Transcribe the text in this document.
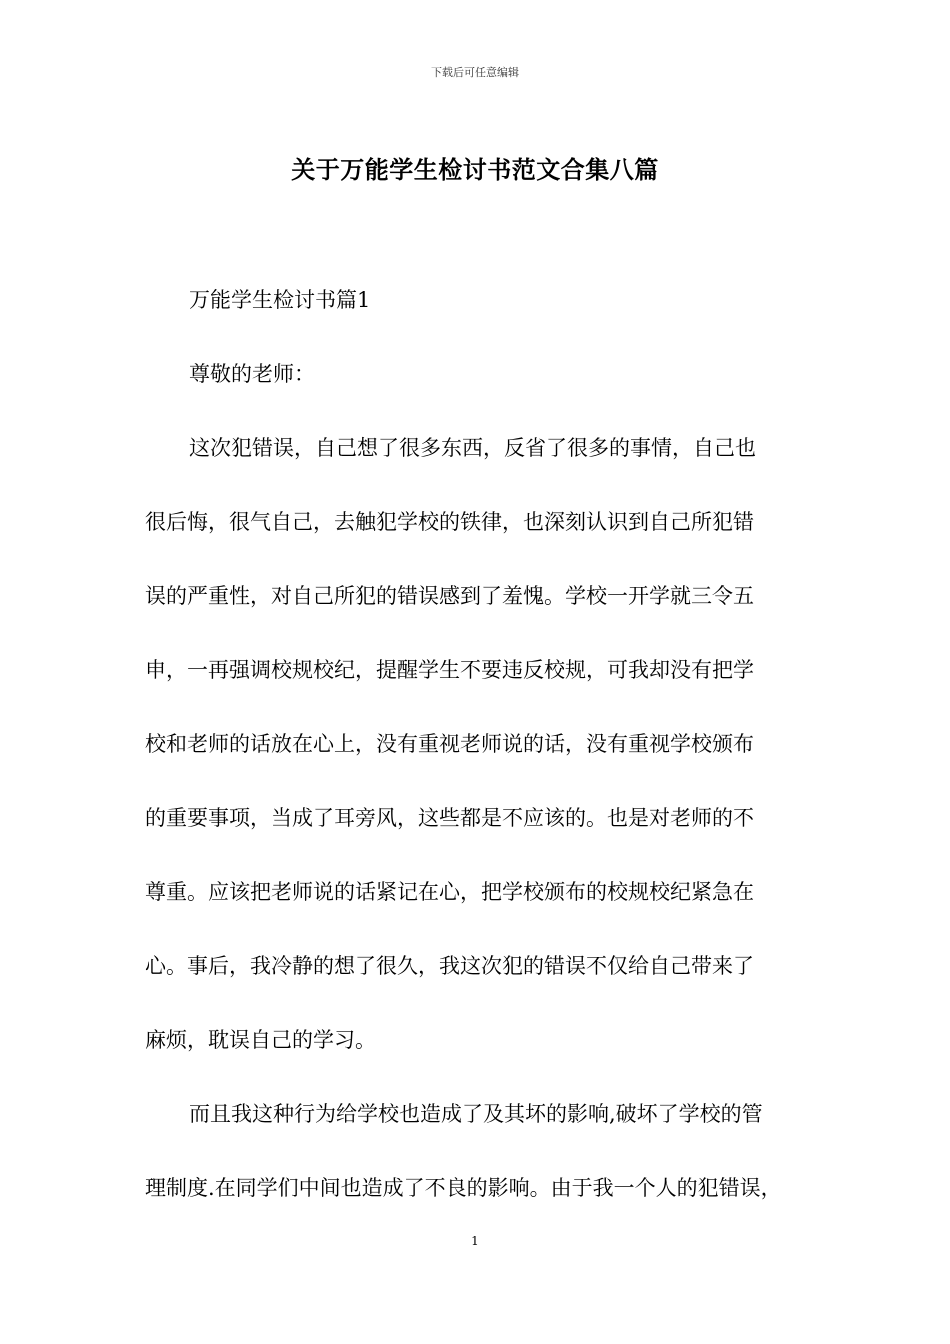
下载后可任意编辑
关于万能学生检讨书范文合集八篇
万能学生检讨书篇1
尊敬的老师：
这次犯错误，自己想了很多东西，反省了很多的事情，自己也
很后悔，很气自己，去触犯学校的铁律，也深刻认识到自己所犯错
误的严重性，对自己所犯的错误感到了羞愧。学校一开学就三令五
申，一再强调校规校纪，提醒学生不要违反校规，可我却没有把学
校和老师的话放在心上，没有重视老师说的话，没有重视学校颁布
的重要事项，当成了耳旁风，这些都是不应该的。也是对老师的不
尊重。应该把老师说的话紧记在心，把学校颁布的校规校纪紧急在
心。事后，我冷静的想了很久，我这次犯的错误不仅给自己带来了
麻烦，耽误自己的学习。
而且我这种行为给学校也造成了及其坏的影响,破坏了学校的管
理制度.在同学们中间也造成了不良的影响。由于我一个人的犯错误，
1
